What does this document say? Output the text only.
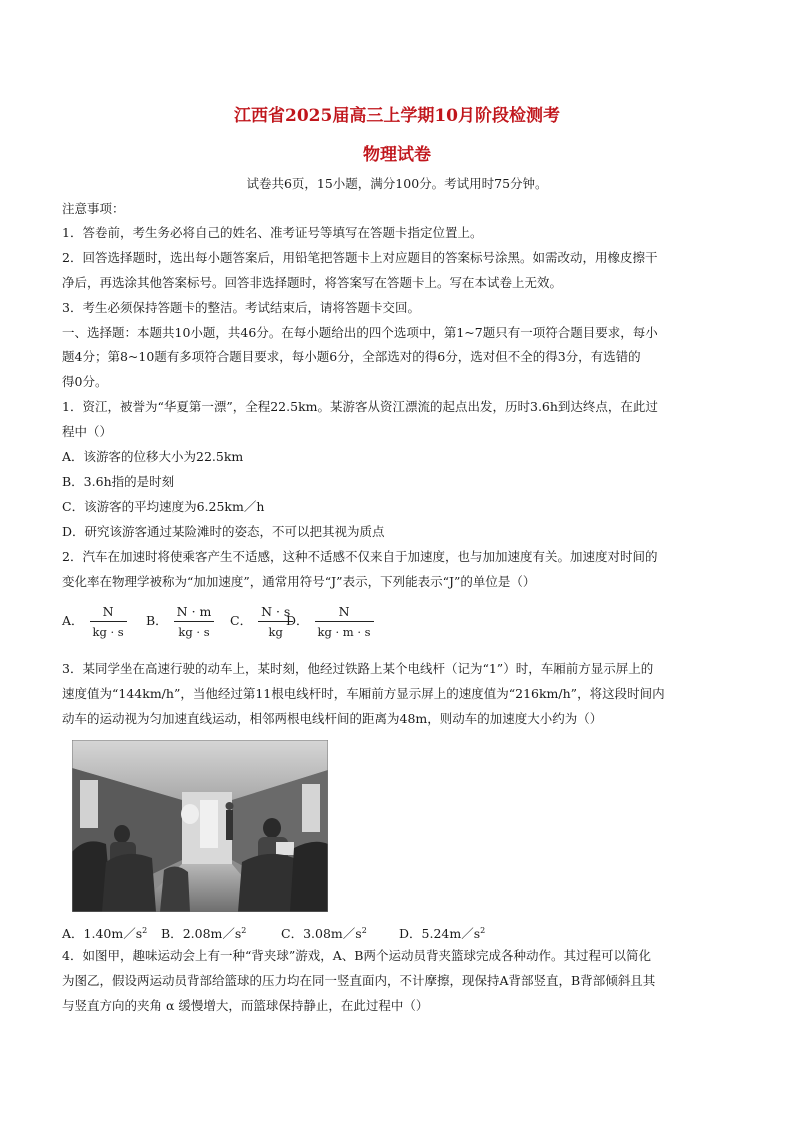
江西省2025届高三上学期10月阶段检测考
物理试卷
试卷共6页，15小题，满分100分。考试用时75分钟。
注意事项：
1．答卷前，考生务必将自己的姓名、准考证号等填写在答题卡指定位置上。
2．回答选择题时，选出每小题答案后，用铅笔把答题卡上对应题目的答案标号涂黑。如需改动，用橡皮擦干
净后，再选涂其他答案标号。回答非选择题时，将答案写在答题卡上。写在本试卷上无效。
3．考生必须保持答题卡的整洁。考试结束后，请将答题卡交回。
一、选择题：本题共10小题，共46分。在每小题给出的四个选项中，第1~7题只有一项符合题目要求，每小
题4分；第8~10题有多项符合题目要求，每小题6分，全部选对的得6分，选对但不全的得3分，有选错的
得0分。
1．资江，被誉为“华夏第一漂”，全程22.5km。某游客从资江漂流的起点出发，历时3.6h到达终点，在此过
程中（）
A．该游客的位移大小为22.5km
B．3.6h指的是时刻
C．该游客的平均速度为6.25km／h
D．研究该游客通过某险滩时的姿态，不可以把其视为质点
2．汽车在加速时将使乘客产生不适感，这种不适感不仅来自于加速度，也与加加速度有关。加速度对时间的
变化率在物理学被称为“加加速度”，通常用符号“J”表示，下列能表示“J”的单位是（）
A． $\frac{N}{kg \cdot s}$ B． $\frac{N \cdot m}{kg \cdot s}$ C． $\frac{N \cdot s}{kg}$
D． $\frac{N}{kg \cdot m \cdot s}$
3．某同学坐在高速行驶的动车上，某时刻，他经过铁路上某个电线杆（记为“1”）时，车厢前方显示屏上的
速度值为“144km/h”，当他经过第11根电线杆时，车厢前方显示屏上的速度值为“216km/h”，将这段时间内
动车的运动视为匀加速直线运动，相邻两根电线杆间的距离为48m，则动车的加速度大小约为（）
A．$1.40m/s^2$ B．$2.08m/s^2$	C．$3.08m/s^2$	D．$5.24m/s^2$
4．如图甲，趣味运动会上有一种“背夹球”游戏，A、B两个运动员背夹篮球完成各种动作。其过程可以简化
为图乙，假设两运动员背部给篮球的压力均在同一竖直面内，不计摩擦，现保持A背部竖直，B背部倾斜且其
与竖直方向的夹角 α 缓慢增大，而篮球保持静止，在此过程中（）
